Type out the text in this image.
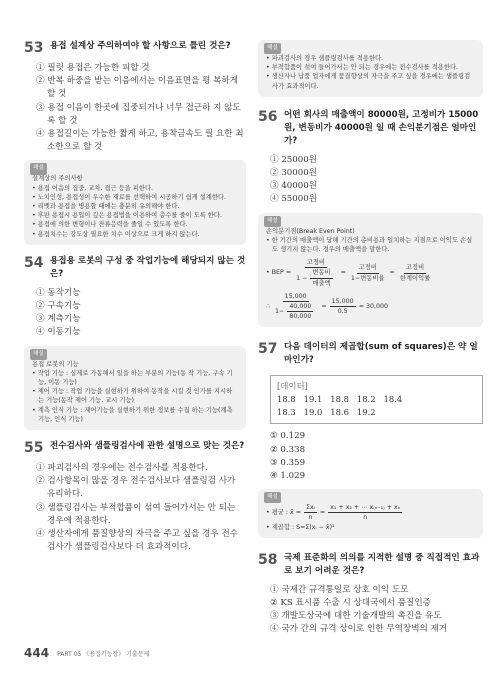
53 용접 설계상 주의하여야 할 사항으로 틀린 것은?
① 필릿 용접은 가능한 피할 것
② 반복 하중을 받는 이음에서는 이음표면을 평 복하게 할 것
③ 용접 이음이 한곳에 집중되거나 너무 접근하 지 않도록 할 것
④ 용접길이는 가능한 짧게 하고, 용착금속도 필 요한 최소한으로 할 것
해설
설계상의 주의사항
• 용접 이음의 집중, 교차, 접근 등을 피한다.
• 노치인성, 용접성이 우수한 재료를 선택하여 시공하기 쉽게 설계한다.
• 리벳과 용접을 병용할 때에는 충분히 유의해야 한다.
• 후판 용접시 용입이 깊은 용접법을 이용하여 층수를 줄이 도록 한다.
• 용접에 의한 변형이나 잔류응력을 줄일 수 있도록 한다.
• 용접치수는 강도상 필요한 치수 이상으로 크게 하지 않는다.
54 용접용 로봇의 구성 중 작업기능에 해당되지 않는 것은?
① 동작기능
② 구속기능
③ 계측기능
④ 이동기능
해설
용접 로봇의 기능
• 작업 기능 : 실제로 가동해서 일을 하는 부분의 기능(동 작 기능, 구속 기능, 이동 기능)
• 제어 기능 : 작업 기능을 실현하기 위하여 동작을 시킬 것 인가를 지시하는 기능(동작 제어 기능, 교시 기능)
• 계측 인식 기능 : 제어기능을 실현하기 위한 정보를 수집 하는 기능(계측 기능, 인식 기능)
55 전수검사와 샘플링검사에 관한 설명으로 맞는 것은?
① 파괴검사의 경우에는 전수검사를 적용한다.
② 검사항목이 많을 경우 전수검사보다 샘플링검 사가 유리하다.
③ 샘플링검사는 부적합품이 섞여 들어가서는 안 되는 경우에 적용한다.
④ 생산자에게 품질향상의 자극을 주고 싶을 경우 전수검사가 샘플링검사보다 더 효과적이다.
해설
• 파괴검사의 경우 샘플링검사를 적용한다.
• 부적합품이 섞여 들어가서는 안 되는 경우에는 전수검사를 적용한다.
• 생산자나 납품 업자에게 품질향상의 자극을 주고 싶을 경우에는 샘플링검사가 효과적이다.
56 어떤 회사의 매출액이 80000원, 고정비가 15000원, 변동비가 40000원 일 때 손익분기점은 얼마인가?
① 25000원
② 30000원
③ 40000원
④ 55000원
해설
손익분기점(Break Even Point)
• 한 기간의 매출액이 당해 기간의 총비용과 일치하는 지점으로 이익도 손실도 생기지 않는다. 경우의 매출액을 말한다.
• BEP = $\frac{\text{고정비}}{1 - \frac{\text{변동비}}{\text{매출액}}} = \frac{\text{고정비}}{\text{1−변동비율}} = \frac{\text{고정비}}{\text{한계이익률}}$
∴ $\frac{15,000}{1- \frac{40,000}{80,000}} = \frac{15,000}{0.5} = 30,000$
57 다음 데이터의 제곱합(sum of squares)은 약 얼마인가?
[데이터]
18.8   19.1   18.8   18.2   18.4
18.3   19.0   18.6   19.2
① 0.129
② 0.338
③ 0.359
④ 1.029
해설
• 평균 : x̄ = $\frac{\text{Σxᵢ}}{n} = \frac{\text{x₁ + x₂ + ⋯ x₍ₙ₋₁₎ + xₙ}}{n}$
• 제곱합 : S=Σ(xᵢ − x̄)²
58 국제 표준화의 의의를 지적한 설명 중 직접적인 효과로 보기 어려운 것은?
① 국제간 규격통일로 상호 이익 도모
② KS 표시품 수출 시 상대국에서 품질인증
③ 개발도상국에 대한 기술개발의 촉진을 유도
④ 국가 간의 규격 상이로 인한 무역장벽의 제거
444 PART 05 《용접기능장》 기출문제
